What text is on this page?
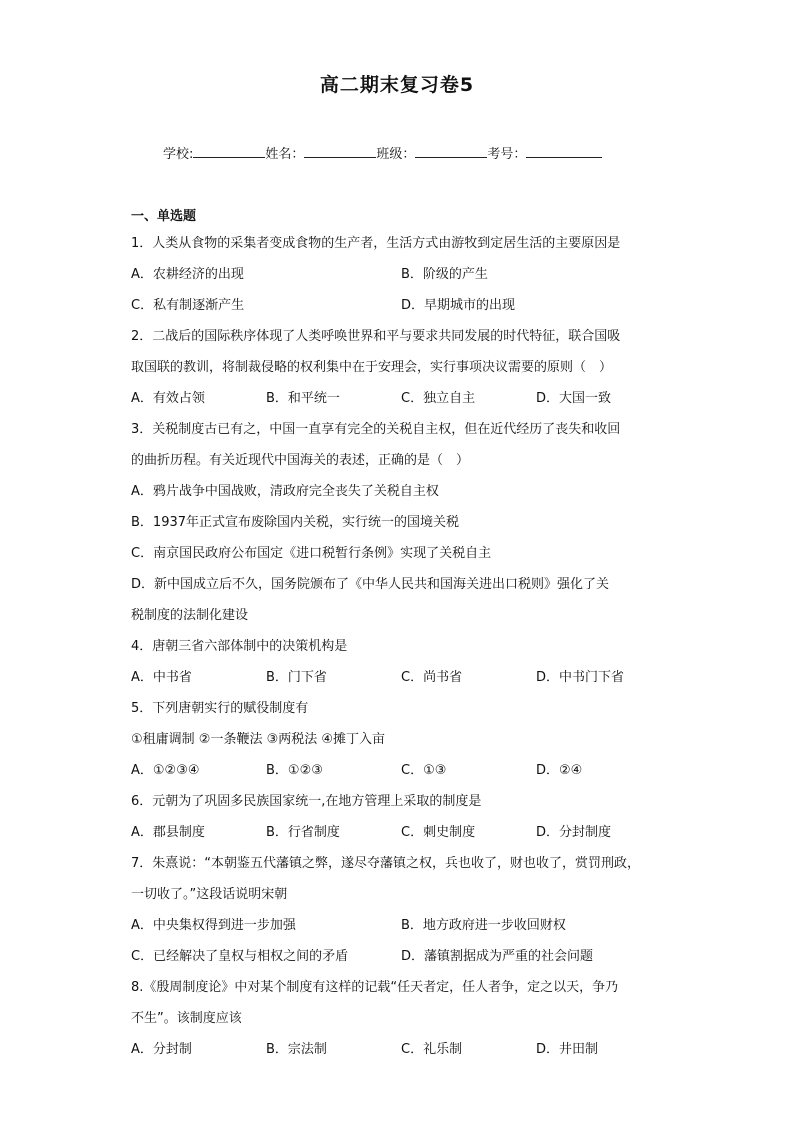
高二期末复习卷5
学校:	姓名：	班级：	考号：
一、单选题
1．人类从食物的采集者变成食物的生产者，生活方式由游牧到定居生活的主要原因是
A．农耕经济的出现	B．阶级的产生
C．私有制逐渐产生	D．早期城市的出现
2．二战后的国际秩序体现了人类呼唤世界和平与要求共同发展的时代特征，联合国吸
取国联的教训，将制裁侵略的权利集中在于安理会，实行事项决议需要的原则（　）
A．有效占领	B．和平统一	C．独立自主	D．大国一致
3．关税制度古已有之，中国一直享有完全的关税自主权，但在近代经历了丧失和收回
的曲折历程。有关近现代中国海关的表述，正确的是（　）
A．鸦片战争中国战败，清政府完全丧失了关税自主权
B．1937年正式宣布废除国内关税，实行统一的国境关税
C．南京国民政府公布国定《进口税暂行条例》实现了关税自主
D．新中国成立后不久，国务院颁布了《中华人民共和国海关进出口税则》强化了关
税制度的法制化建设
4．唐朝三省六部体制中的决策机构是
A．中书省	B．门下省	C．尚书省	D．中书门下省
5．下列唐朝实行的赋役制度有
①租庸调制 ②一条鞭法 ③两税法 ④摊丁入亩
A．①②③④	B．①②③	C．①③	D．②④
6．元朝为了巩固多民族国家统一,在地方管理上采取的制度是
A．郡县制度	B．行省制度	C．刺史制度	D．分封制度
7．朱熹说：“本朝鉴五代藩镇之弊，遂尽夺藩镇之权，兵也收了，财也收了，赏罚刑政，
一切收了。”这段话说明宋朝
A．中央集权得到进一步加强	B．地方政府进一步收回财权
C．已经解决了皇权与相权之间的矛盾	D．藩镇割据成为严重的社会问题
8.《殷周制度论》中对某个制度有这样的记载“任天者定，任人者争，定之以天，争乃
不生”。该制度应该
A．分封制	B．宗法制	C．礼乐制	D．井田制
